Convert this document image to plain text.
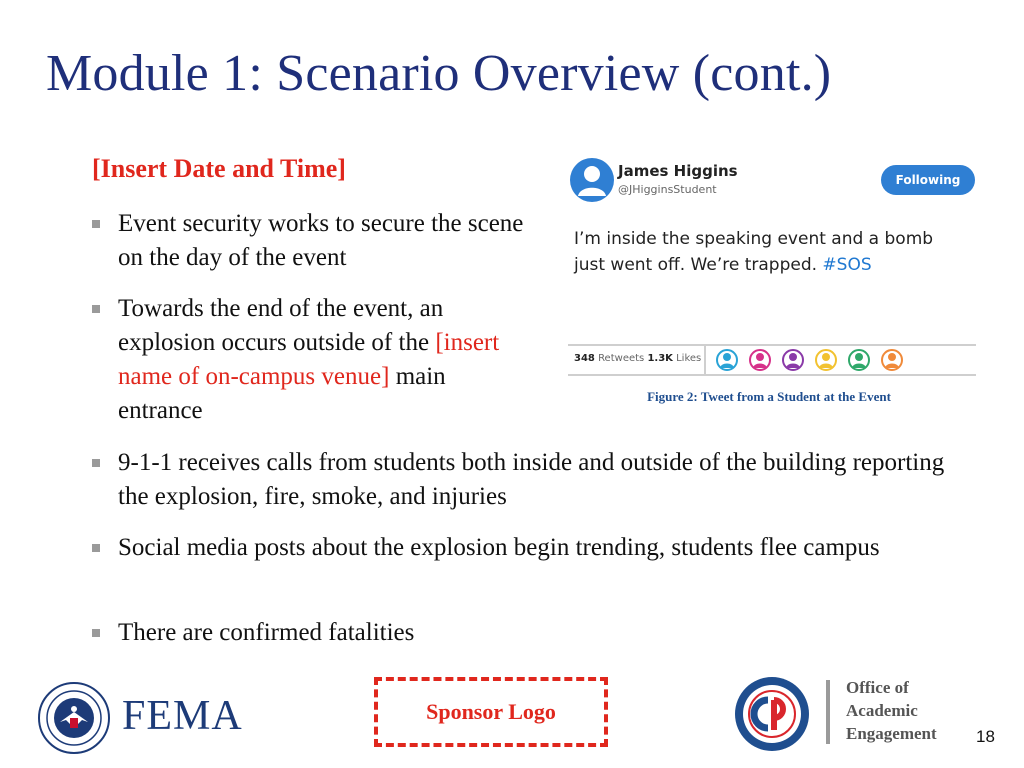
Module 1: Scenario Overview (cont.)
[Insert Date and Time]
Event security works to secure the scene on the day of the event
Towards the end of the event, an explosion occurs outside of the [insert name of on-campus venue] main entrance
9-1-1 receives calls from students both inside and outside of the building reporting the explosion, fire, smoke, and injuries
Social media posts about the explosion begin trending, students flee campus
There are confirmed fatalities
James Higgins
@JHigginsStudent
Following
I’m inside the speaking event and a bomb just went off. We’re trapped. #SOS
348 Retweets 1.3K Likes
Figure 2: Tweet from a Student at the Event
FEMA	Sponsor Logo
Office of
Academic
Engagement 18
